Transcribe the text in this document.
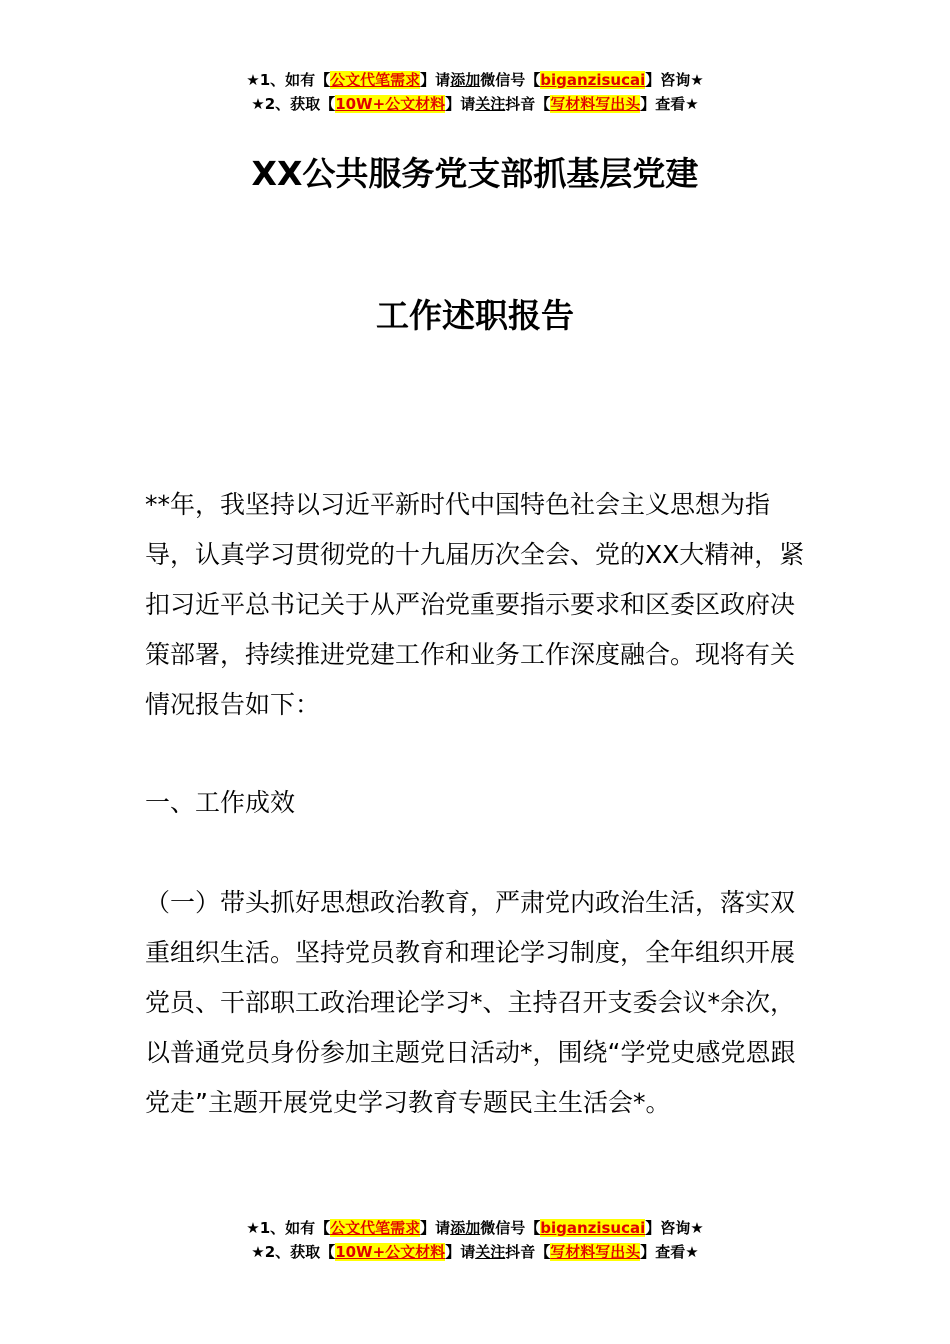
★1、如有【公文代笔需求】请添加微信号【biganzisucai】咨询★
★2、获取【10W+公文材料】请关注抖音【写材料写出头】查看★
XX公共服务党支部抓基层党建
工作述职报告

**年，我坚持以习近平新时代中国特色社会主义思想为指导，认真学习贯彻党的十九届历次全会、党的XX大精神，紧扣习近平总书记关于从严治党重要指示要求和区委区政府决策部署，持续推进党建工作和业务工作深度融合。现将有关情况报告如下：

一、工作成效

（一）带头抓好思想政治教育，严肃党内政治生活，落实双重组织生活。坚持党员教育和理论学习制度，全年组织开展党员、干部职工政治理论学习*、主持召开支委会议*余次，以普通党员身份参加主题党日活动*，围绕“学党史感党恩跟党走”主题开展党史学习教育专题民主生活会*。

★1、如有【公文代笔需求】请添加微信号【biganzisucai】咨询★
★2、获取【10W+公文材料】请关注抖音【写材料写出头】查看★
